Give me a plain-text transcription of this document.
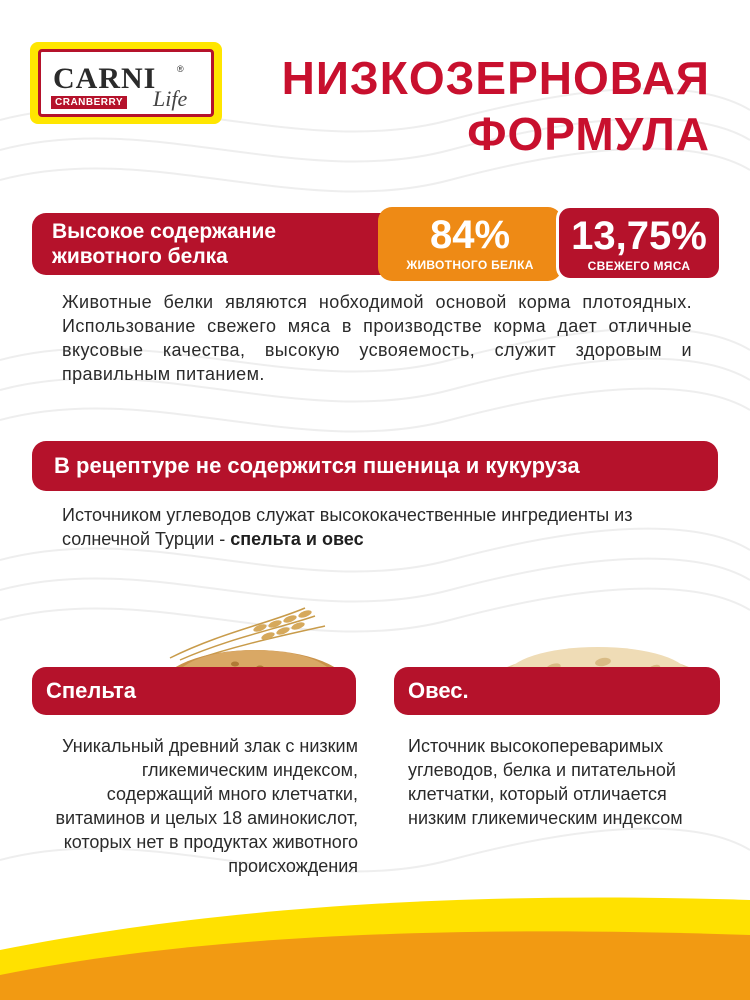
CARNI ®
CRANBERRY Life	НИЗКОЗЕРНОВАЯ
ФОРМУЛА
Высокое содержание
животного белка	84%
ЖИВОТНОГО БЕЛКА
13,75%
СВЕЖЕГО МЯСА
Животные белки являются нобходимой основой корма плотоядных. Использование свежего мяса в производстве корма дает отличные вкусовые качества, высокую усвояемость, служит здоровым и правильным питанием.
В рецептуре не содержится пшеница и кукуруза
Источником углеводов служат высококачественные ингредиенты из солнечной Турции - спельта и овес
Спельта	Овес.
Уникальный древний злак с низким гликемическим индексом, содержащий много клетчатки, витаминов и целых 18 аминокислот, которых нет в продуктах животного происхождения
Источник высокопереваримых углеводов, белка и питательной клетчатки, который отличается низким гликемическим индексом
